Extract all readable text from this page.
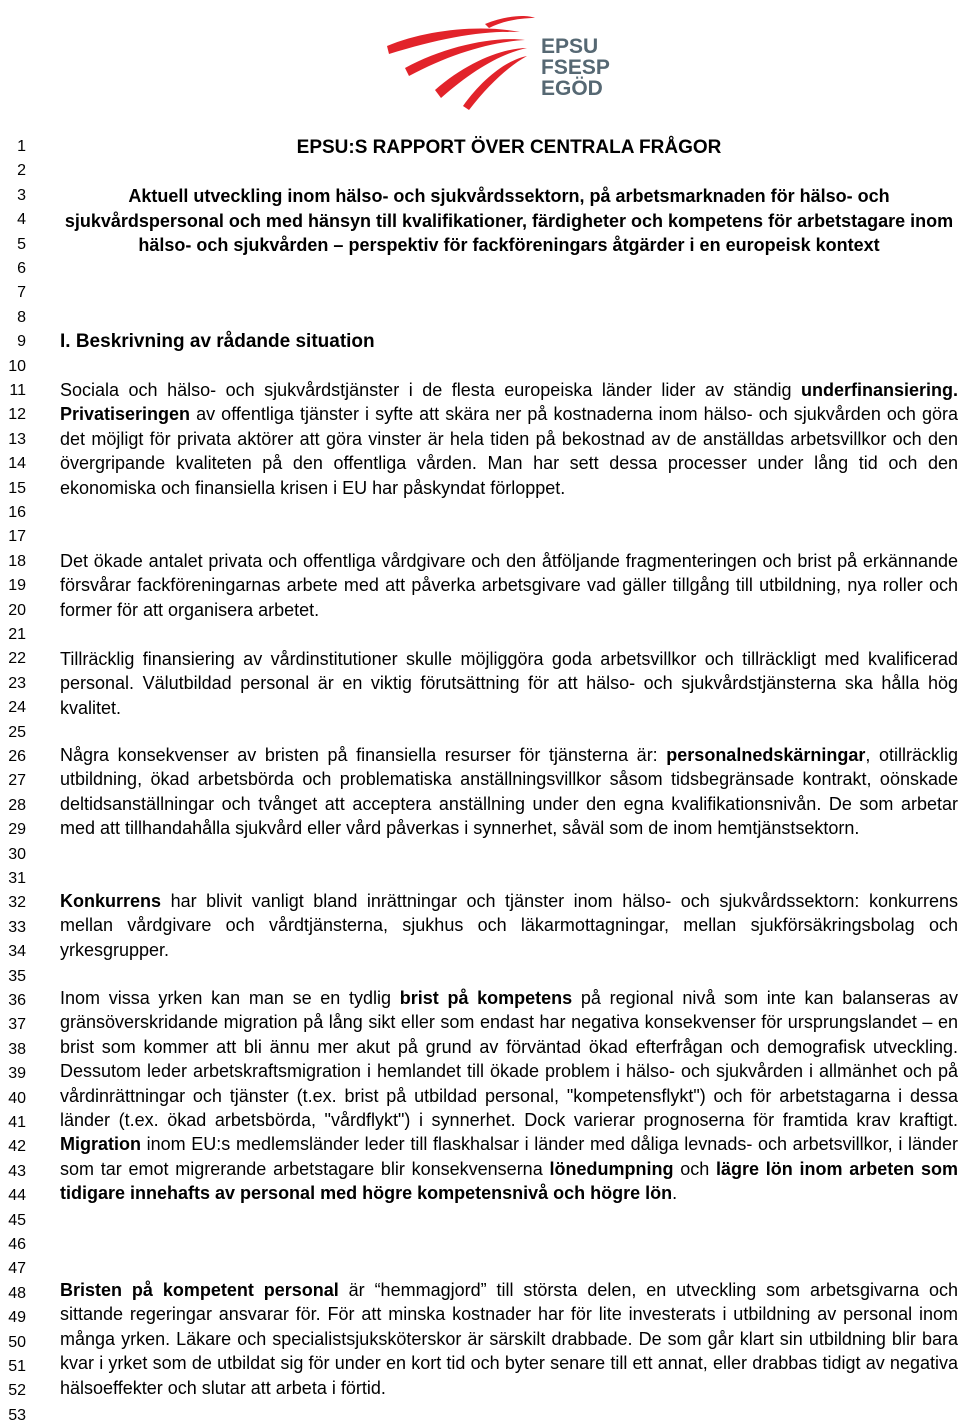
EPSU
FSESP
EGÖD
1
2
3
4
5
6
7
8
9
10
11
12
13
14
15
16
17
18
19
20
21
22
23
24
25
26
27
28
29
30
31
32
33
34
35
36
37
38
39
40
41
42
43
44
45
46
47
48
49
50
51
52
53
EPSU:S RAPPORT ÖVER CENTRALA FRÅGOR
Aktuell utveckling inom hälso- och sjukvårdssektorn, på arbetsmarknaden för hälso- och sjukvårdspersonal och med hänsyn till kvalifikationer, färdigheter och kompetens för arbetstagare inom hälso- och sjukvården – perspektiv för fackföreningars åtgärder i en europeisk kontext
I. Beskrivning av rådande situation
Sociala och hälso- och sjukvårdstjänster i de flesta europeiska länder lider av ständig underfinansiering. Privatiseringen av offentliga tjänster i syfte att skära ner på kostnaderna inom hälso- och sjukvården och göra det möjligt för privata aktörer att göra vinster är hela tiden på bekostnad av de anställdas arbetsvillkor och den övergripande kvaliteten på den offentliga vården. Man har sett dessa processer under lång tid och den ekonomiska och finansiella krisen i EU har påskyndat förloppet.
Det ökade antalet privata och offentliga vårdgivare och den åtföljande fragmenteringen och brist på erkännande försvårar fackföreningarnas arbete med att påverka arbetsgivare vad gäller tillgång till utbildning, nya roller och former för att organisera arbetet.
Tillräcklig finansiering av vårdinstitutioner skulle möjliggöra goda arbetsvillkor och tillräckligt med kvalificerad personal. Välutbildad personal är en viktig förutsättning för att hälso- och sjukvårdstjänsterna ska hålla hög kvalitet.
Några konsekvenser av bristen på finansiella resurser för tjänsterna är: personalnedskärningar, otillräcklig utbildning, ökad arbetsbörda och problematiska anställningsvillkor såsom tidsbegränsade kontrakt, oönskade deltidsanställningar och tvånget att acceptera anställning under den egna kvalifikationsnivån. De som arbetar med att tillhandahålla sjukvård eller vård påverkas i synnerhet, såväl som de inom hemtjänstsektorn.
Konkurrens har blivit vanligt bland inrättningar och tjänster inom hälso- och sjukvårdssektorn: konkurrens mellan vårdgivare och vårdtjänsterna, sjukhus och läkarmottagningar, mellan sjukförsäkringsbolag och yrkesgrupper.
Inom vissa yrken kan man se en tydlig brist på kompetens på regional nivå som inte kan balanseras av gränsöverskridande migration på lång sikt eller som endast har negativa konsekvenser för ursprungslandet – en brist som kommer att bli ännu mer akut på grund av förväntad ökad efterfrågan och demografisk utveckling. Dessutom leder arbetskraftsmigration i hemlandet till ökade problem i hälso- och sjukvården i allmänhet och på vårdinrättningar och tjänster (t.ex. brist på utbildad personal, "kompetensflykt") och för arbetstagarna i dessa länder (t.ex. ökad arbetsbörda, "vårdflykt") i synnerhet. Dock varierar prognoserna för framtida krav kraftigt. Migration inom EU:s medlemsländer leder till flaskhalsar i länder med dåliga levnads- och arbetsvillkor, i länder som tar emot migrerande arbetstagare blir konsekvenserna lönedumpning och lägre lön inom arbeten som tidigare innehafts av personal med högre kompetensnivå och högre lön.
Bristen på kompetent personal är “hemmagjord” till största delen, en utveckling som arbetsgivarna och sittande regeringar ansvarar för. För att minska kostnader har för lite investerats i utbildning av personal inom många yrken. Läkare och specialistsjuksköterskor är särskilt drabbade. De som går klart sin utbildning blir bara kvar i yrket som de utbildat sig för under en kort tid och byter senare till ett annat, eller drabbas tidigt av negativa hälsoeffekter och slutar att arbeta i förtid.
